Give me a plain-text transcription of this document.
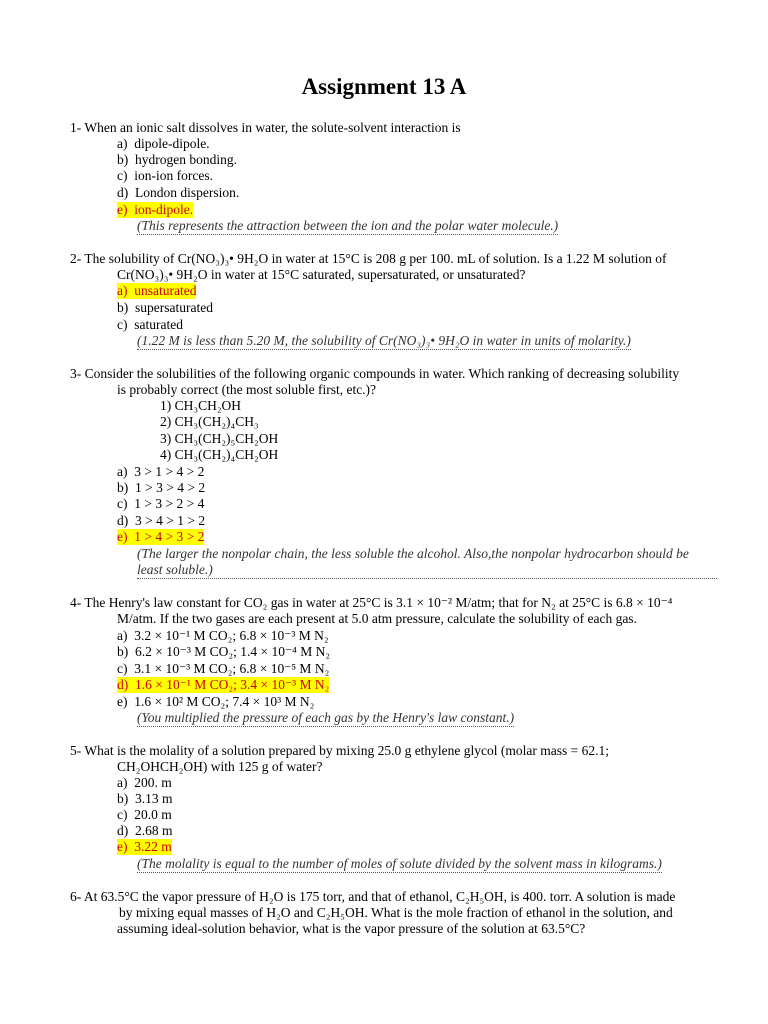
Assignment 13 A
1- When an ionic salt dissolves in water, the solute-solvent interaction is
a)  dipole-dipole.
b)  hydrogen bonding.
c)  ion-ion forces.
d)  London dispersion.
e)  ion-dipole.
(This represents the attraction between the ion and the polar water molecule.)
2- The solubility of Cr(NO₃)₃• 9H₂O in water at 15°C is 208 g per 100. mL of solution. Is a 1.22 M solution of
Cr(NO₃)₃• 9H₂O in water at 15°C saturated, supersaturated, or unsaturated?
a)  unsaturated
b)  supersaturated
c)  saturated
(1.22 M is less than 5.20 M, the solubility of Cr(NO₃)₃• 9H₂O in water in units of molarity.)
3- Consider the solubilities of the following organic compounds in water. Which ranking of decreasing solubility
is probably correct (the most soluble first, etc.)?
1) CH₃CH₂OH
2) CH₃(CH₂)₄CH₃
3) CH₃(CH₂)₅CH₂OH
4) CH₃(CH₂)₄CH₂OH
a)  3 > 1 > 4 > 2
b)  1 > 3 > 4 > 2
c)  1 > 3 > 2 > 4
d)  3 > 4 > 1 > 2
e)  1 > 4 > 3 > 2
(The larger the nonpolar chain, the less soluble the alcohol. Also,the nonpolar hydrocarbon should be least soluble.)
4- The Henry's law constant for CO₂ gas in water at 25°C is 3.1 × 10⁻² M/atm; that for N₂ at 25°C is 6.8 × 10⁻⁴
M/atm. If the two gases are each present at 5.0 atm pressure, calculate the solubility of each gas.
a)  3.2 × 10⁻¹ M CO₂; 6.8 × 10⁻³ M N₂
b)  6.2 × 10⁻³ M CO₂; 1.4 × 10⁻⁴ M N₂
c)  3.1 × 10⁻³ M CO₂; 6.8 × 10⁻⁵ M N₂
d)  1.6 × 10⁻¹ M CO₂; 3.4 × 10⁻³ M N₂
e)  1.6 × 10² M CO₂; 7.4 × 10³ M N₂
(You multiplied the pressure of each gas by the Henry's law constant.)
5- What is the molality of a solution prepared by mixing 25.0 g ethylene glycol (molar mass = 62.1;
CH₂OHCH₂OH) with 125 g of water?
a)  200. m
b)  3.13 m
c)  20.0 m
d)  2.68 m
e)  3.22 m
(The molality is equal to the number of moles of solute divided by the solvent mass in kilograms.)
6- At 63.5°C the vapor pressure of H₂O is 175 torr, and that of ethanol, C₂H₅OH, is 400. torr. A solution is made
by mixing equal masses of H₂O and C₂H₅OH. What is the mole fraction of ethanol in the solution, and
assuming ideal-solution behavior, what is the vapor pressure of the solution at 63.5°C?
